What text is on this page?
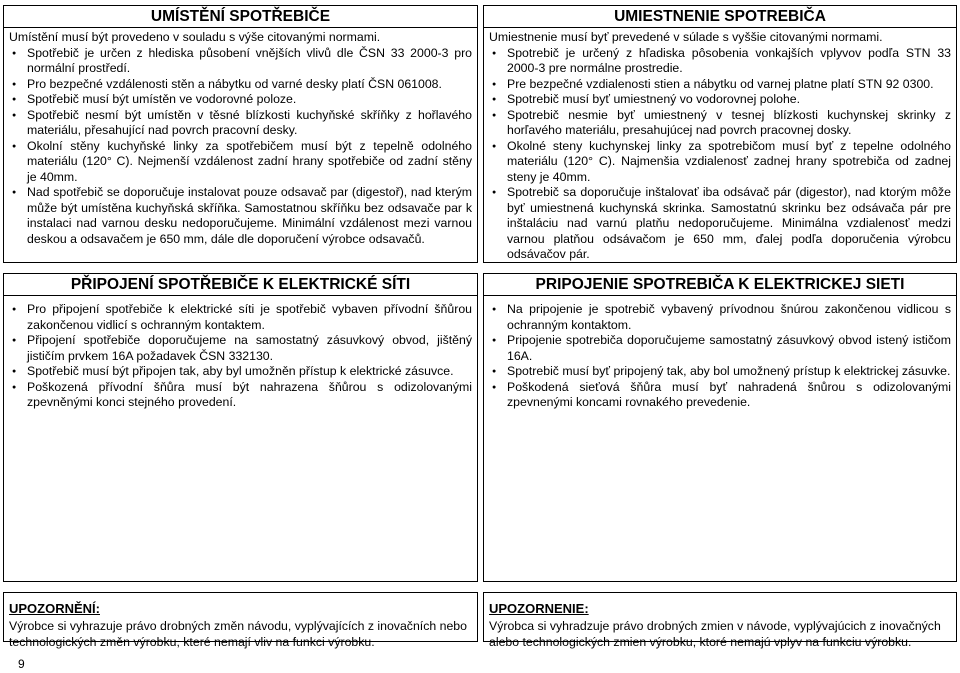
UMÍSTĚNÍ SPOTŘEBIČE

Umístění musí být provedeno v souladu s výše citovanými normami.

● Spotřebič je určen z hlediska působení vnějších vlivů dle ČSN 33 2000-3 pro normální prostředí.
● Pro bezpečné vzdálenosti stěn a nábytku od varné desky platí ČSN 061008.
● Spotřebič musí být umístěn ve vodorovné poloze.
● Spotřebič nesmí být umístěn v těsné blízkosti kuchyňské skříňky z hořlavého materiálu, přesahující nad povrch pracovní desky.
● Okolní stěny kuchyňské linky za spotřebičem musí být z tepelně odolného materiálu (120° C). Nejmenší vzdálenost zadní hrany spotřebiče od zadní stěny je 40mm.
● Nad spotřebič se doporučuje instalovat pouze odsavač par (digestoř), nad kterým může být umístěna kuchyňská skříňka. Samostatnou skříňku bez odsavače par k instalaci nad varnou desku nedoporučujeme. Minimální vzdálenost mezi varnou deskou a odsavačem je 650 mm, dále dle doporučení výrobce odsavačů.
PŘIPOJENÍ SPOTŘEBIČE K ELEKTRICKÉ SÍTI
● Pro připojení spotřebiče k elektrické síti je spotřebič vybaven přívodní šňůrou zakončenou vidlicí s ochranným kontaktem.
● Připojení spotřebiče doporučujeme na samostatný zásuvkový obvod, jištěný jističím prvkem 16A požadavek ČSN 332130.
● Spotřebič musí být připojen tak, aby byl umožněn přístup k elektrické zásuvce.
● Poškozená přívodní šňůra musí být nahrazena šňůrou s odizolovanými zpevněnými konci stejného provedení.
UPOZORNĚNÍ:
Výrobce si vyhrazuje právo drobných změn návodu, vyplývajících z inovačních nebo technologických změn výrobku, které nemají vliv na funkci výrobku.
UMIESTNENIE SPOTREBIČA

Umiestnenie musí byť prevedené v súlade s vyššie citovanými normami.

● Spotrebič je určený z hľadiska pôsobenia vonkajších vplyvov podľa STN 33 2000-3 pre normálne prostredie.
● Pre bezpečné vzdialenosti stien a nábytku od varnej platne platí STN 92 0300.
● Spotrebič musí byť umiestnený vo vodorovnej polohe.
● Spotrebič nesmie byť umiestnený v tesnej blízkosti kuchynskej skrinky z horľavého materiálu, presahujúcej nad povrch pracovnej dosky.
● Okolné steny kuchynskej linky za spotrebičom musí byť z tepelne odolného materiálu (120° C). Najmenšia vzdialenosť zadnej hrany spotrebiča od zadnej steny je 40mm.
● Spotrebič sa doporučuje inštalovať iba odsávač pár (digestor), nad ktorým môže byť umiestnená kuchynská skrinka. Samostatnú skrinku bez odsávača pár pre inštaláciu nad varnú platňu nedoporučujeme. Minimálna vzdialenosť medzi varnou platňou odsávačom je 650 mm, ďalej podľa doporučenia výrobcu odsávačov pár.
PRIPOJENIE SPOTREBIČA K ELEKTRICKEJ SIETI
● Na pripojenie je spotrebič vybavený prívodnou šnúrou zakončenou vidlicou s ochranným kontaktom.
● Pripojenie spotrebiča doporučujeme samostatný zásuvkový obvod istený ističom 16A.
● Spotrebič musí byť pripojený tak, aby bol umožnený prístup k elektrickej zásuvke.
● Poškodená sieťová šňůra musí byť nahradená šnůrou s odizolovanými zpevnenými koncami rovnakého prevedenie.
UPOZORNENIE:
Výrobca si vyhradzuje právo drobných zmien v návode, vyplývajúcich z inovačných alebo technologických zmien výrobku, ktoré nemajú vplyv na funkciu výrobku.
9
